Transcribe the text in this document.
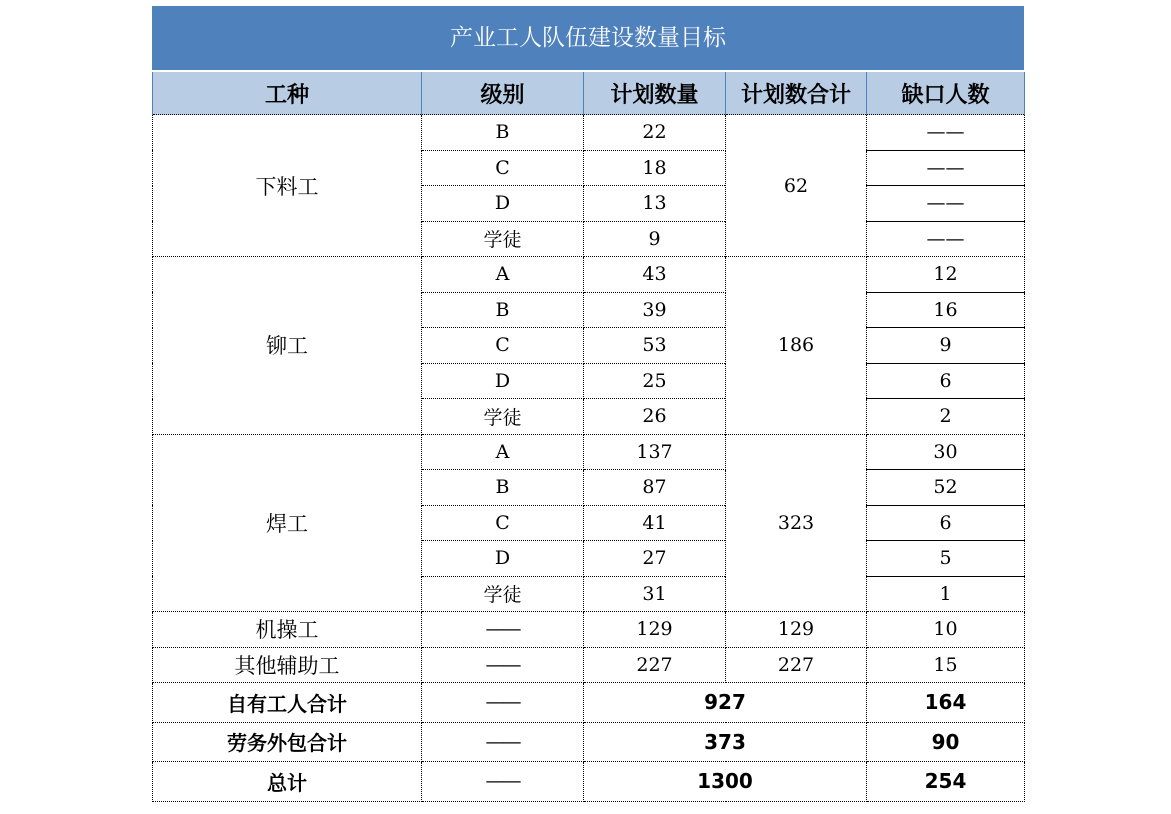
产业工人队伍建设数量目标
工种	级别	计划数量	计划数合计	缺口人数
下料工	B	22	62	——
	C	18		——
	D	13		——
	学徒	9		——
铆工	A	43	186	12
	B	39		16
	C	53		9
	D	25		6
	学徒	26		2
焊工	A	137	323	30
	B	87		52
	C	41		6
	D	27		5
	学徒	31		1
机操工	——	129	129	10
其他辅助工	——	227	227	15
自有工人合计	——	927		164
劳务外包合计	——	373		90
总计	——	1300		254
